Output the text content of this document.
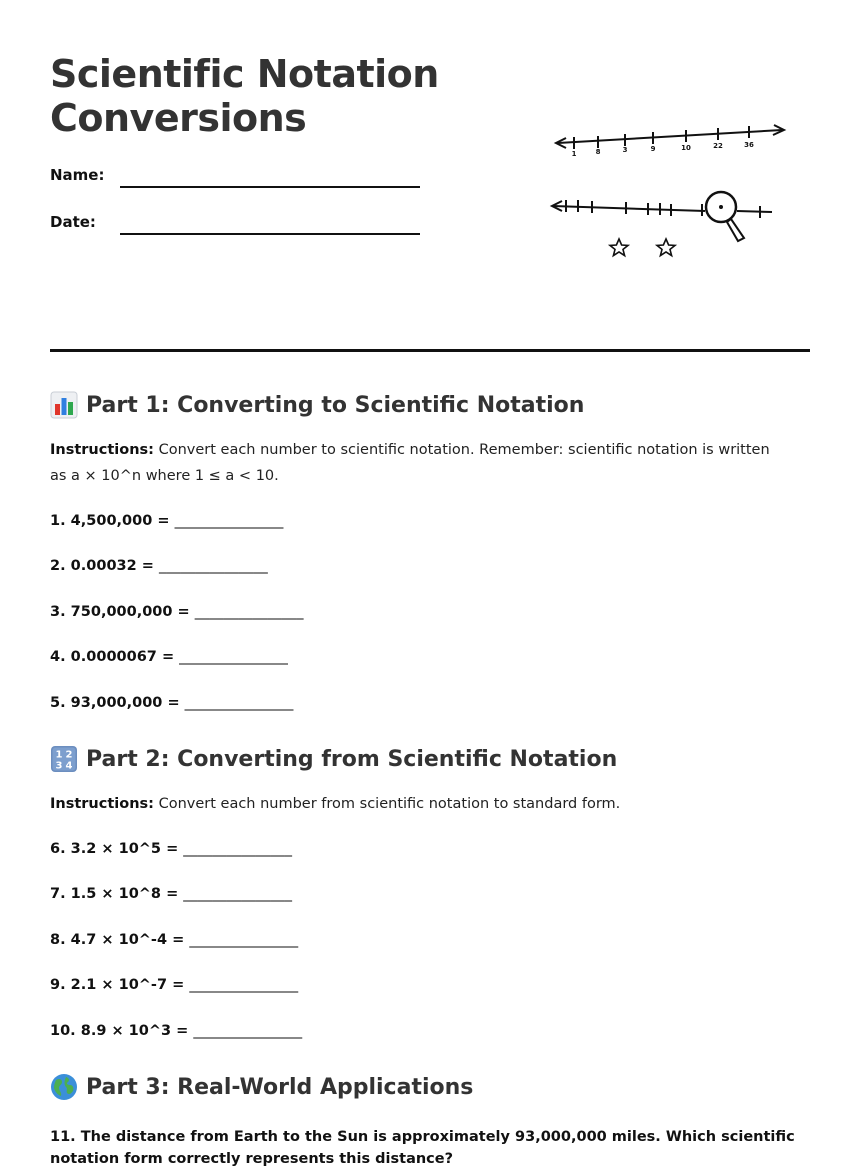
Scientific Notation
Conversions
Name:
Date:
1	8	3	9	10	22	36
Part 1: Converting to Scientific Notation

Instructions: Convert each number to scientific notation. Remember: scientific notation is written as a × 10^n where 1 ≤ a < 10.

1. 4,500,000 = _______________
2. 0.00032 = _______________
3. 750,000,000 = _______________
4. 0.0000067 = _______________
5. 93,000,000 = _______________
1 2
3 4 Part 2: Converting from Scientific Notation

Instructions: Convert each number from scientific notation to standard form.

6. 3.2 × 10^5 = _______________
7. 1.5 × 10^8 = _______________
8. 4.7 × 10^-4 = _______________
9. 2.1 × 10^-7 = _______________
10. 8.9 × 10^3 = _______________
Part 3: Real-World Applications

11. The distance from Earth to the Sun is approximately 93,000,000 miles. Which scientific notation form correctly represents this distance?
